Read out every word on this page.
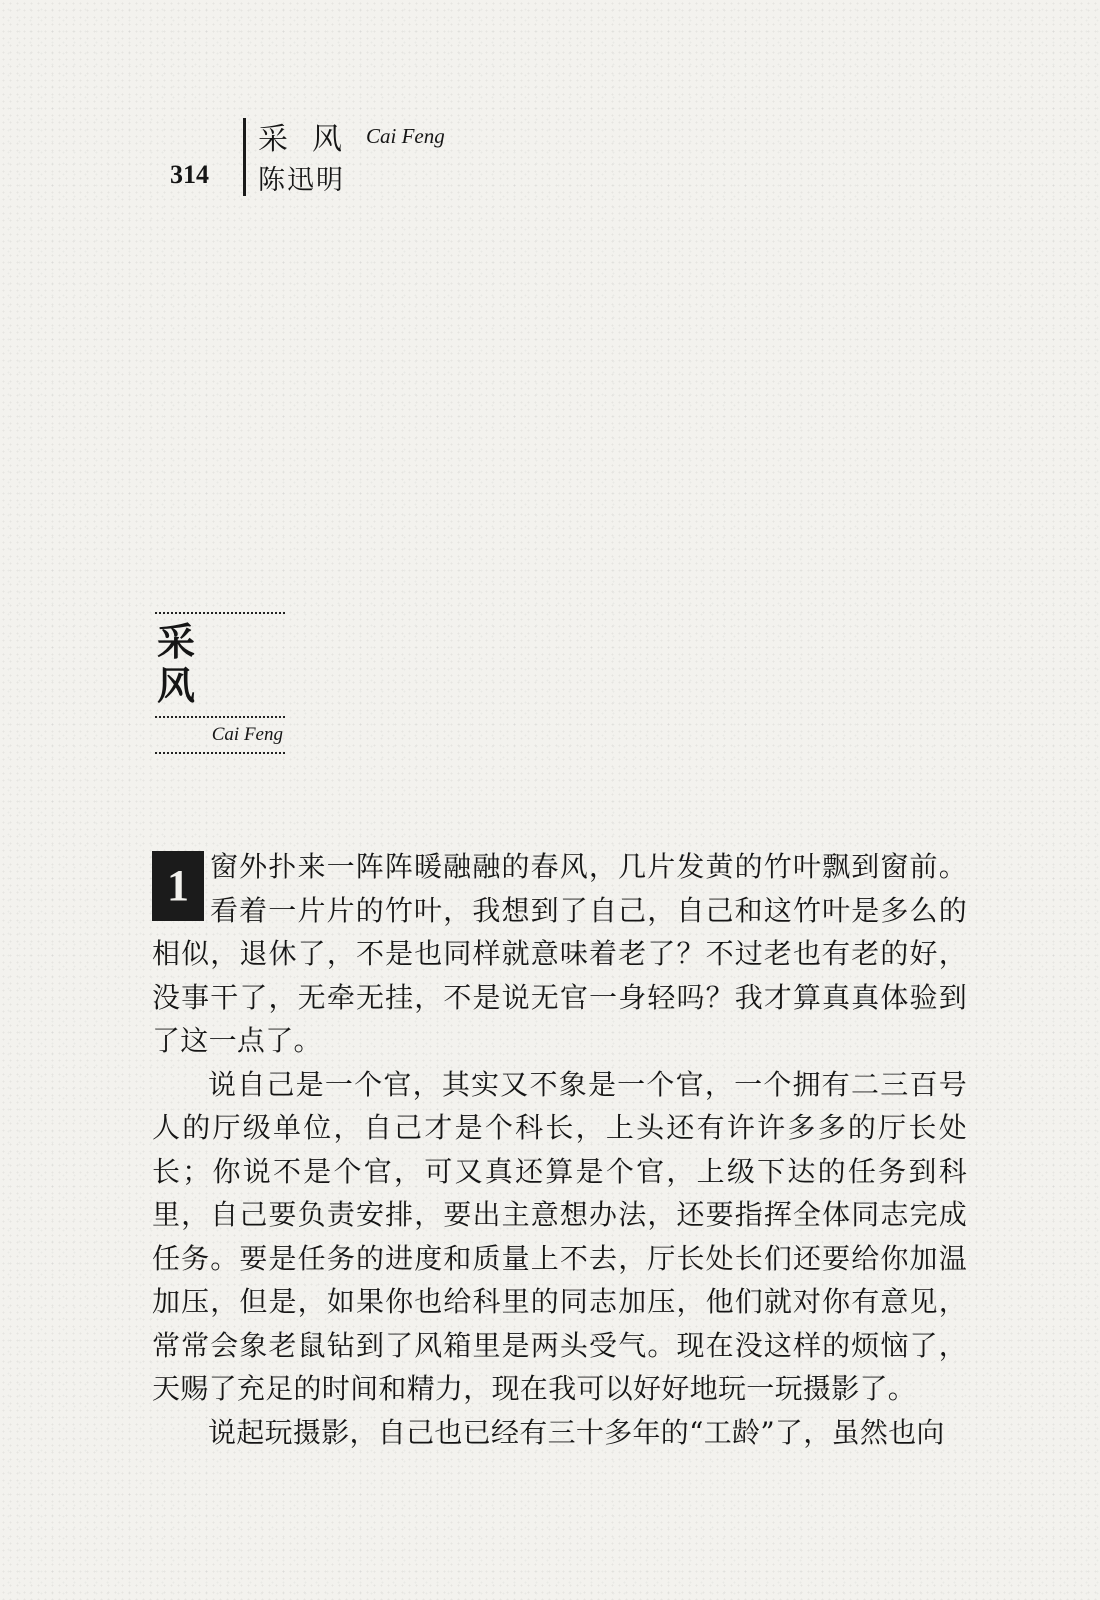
314
采风 Cai Feng
陈迅明
采风
Cai Feng
1 窗外扑来一阵阵暖融融的春风，几片发黄的竹叶飘到窗前。看着一片片的竹叶，我想到了自己，自己和这竹叶是多么的相似，退休了，不是也同样就意味着老了？不过老也有老的好，没事干了，无牵无挂，不是说无官一身轻吗？我才算真真体验到了这一点了。

说自己是一个官，其实又不象是一个官，一个拥有二三百号人的厅级单位，自己才是个科长，上头还有许许多多的厅长处长；你说不是个官，可又真还算是个官，上级下达的任务到科里，自己要负责安排，要出主意想办法，还要指挥全体同志完成任务。要是任务的进度和质量上不去，厅长处长们还要给你加温加压，但是，如果你也给科里的同志加压，他们就对你有意见，常常会象老鼠钻到了风箱里是两头受气。现在没这样的烦恼了，天赐了充足的时间和精力，现在我可以好好地玩一玩摄影了。

说起玩摄影，自己也已经有三十多年的“工龄”了，虽然也向
